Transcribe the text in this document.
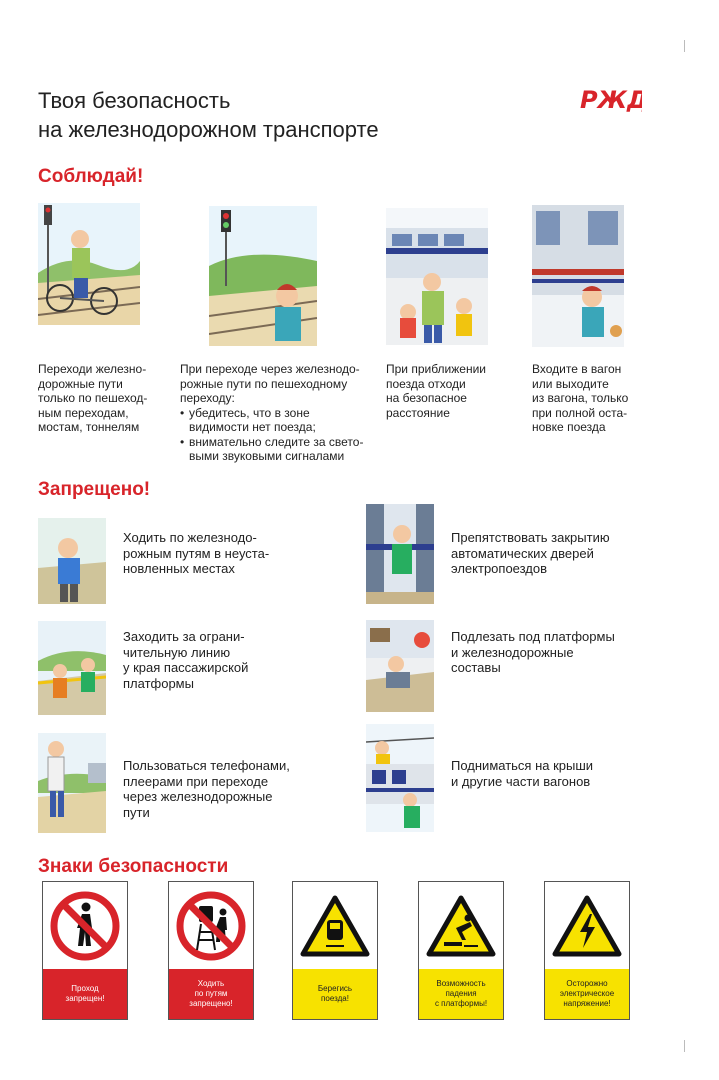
Твоя безопасность
на железнодорожном транспорте
РЖД
Соблюдай!
Переходи железно-
дорожные пути
только по пешеход-
ным переходам,
мостам, тоннелям
При переходе через железнодо-
рожные пути по пешеходному
переходу:
• убедитесь, что в зоне
видимости нет поезда;
• внимательно следите за свето-
выми звуковыми сигналами
При приближении
поезда отходи
на безопасное
расстояние
Входите в вагон
или выходите
из вагона, только
при полной оста-
новке поезда
Запрещено!
Ходить по железнодо-
рожным путям в неуста-
новленных местах
Препятствовать закрытию
автоматических дверей
электропоездов
Заходить за ограни-
чительную линию
у края пассажирской
платформы
Подлезать под платформы
и железнодорожные
составы
Пользоваться телефонами,
плеерами при переходе
через железнодорожные
пути
Подниматься на крыши
и другие части вагонов
Знаки безопасности
Проход
запрещен!
Ходить
по путям
запрещено!
Берегись
поезда!
Возможность
падения
с платформы!
Осторожно
электрическое
напряжение!
